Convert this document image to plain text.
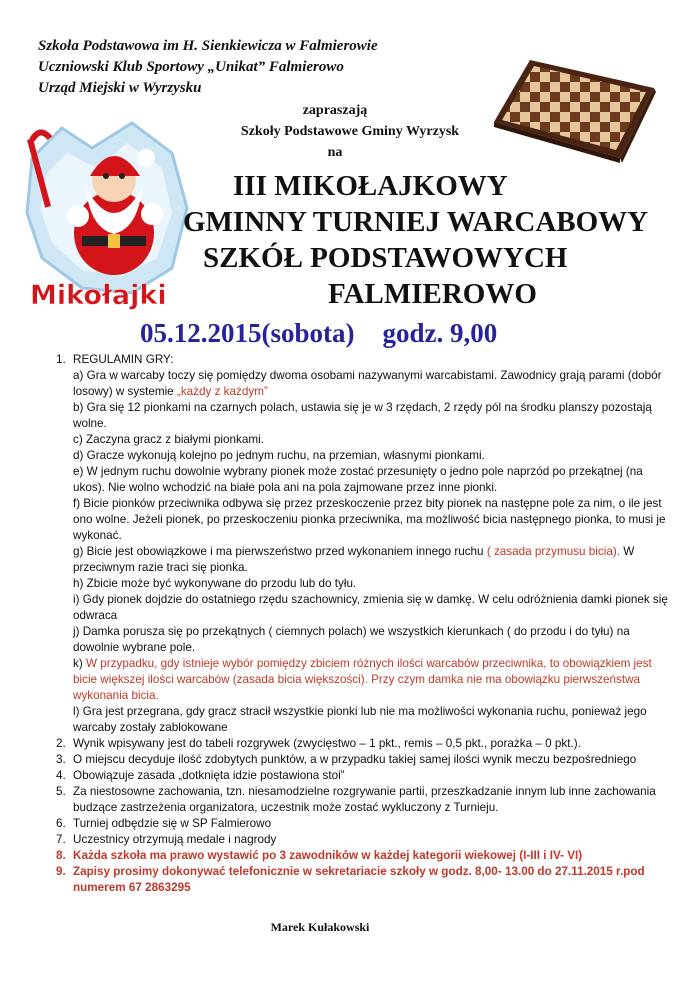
Szkoła Podstawowa im H. Sienkiewicza w Falmierowie
Uczniowski Klub Sportowy „Unikat” Falmierowo
Urząd Miejski w Wyrzysku
Mikołajki
zapraszają
Szkoły Podstawowe Gminy Wyrzysk
na
III MIKOŁAJKOWY
GMINNY TURNIEJ WARCABOWY
SZKÓŁ PODSTAWOWYCH
FALMIEROWO
05.12.2015(sobota) godz. 9,00
1. REGULAMIN GRY:
a) Gra w warcaby toczy się pomiędzy dwoma osobami nazywanymi warcabistami. Zawodnicy grają parami (dobór losowy) w systemie „każdy z każdym”
b) Gra się 12 pionkami na czarnych polach, ustawia się je w 3 rzędach, 2 rzędy pól na środku planszy pozostają wolne.
c) Zaczyna gracz z białymi pionkami.
d) Gracze wykonują kolejno po jednym ruchu, na przemian, własnymi pionkami.
e) W jednym ruchu dowolnie wybrany pionek może zostać przesunięty o jedno pole naprzód po przekątnej (na ukos). Nie wolno wchodzić na białe pola ani na pola zajmowane przez inne pionki.
f) Bicie pionków przeciwnika odbywa się przez przeskoczenie przez bity pionek na następne pole za nim, o ile jest ono wolne. Jeżeli pionek, po przeskoczeniu pionka przeciwnika, ma możliwość bicia następnego pionka, to musi je wykonać.
g) Bicie jest obowiązkowe i ma pierwszeństwo przed wykonaniem innego ruchu ( zasada przymusu bicia). W przeciwnym razie traci się pionka.
h) Zbicie może być wykonywane do przodu lub do tyłu.
i) Gdy pionek dojdzie do ostatniego rzędu szachownicy, zmienia się w damkę. W celu odróżnienia damki pionek się odwraca
j) Damka porusza się po przekątnych ( ciemnych polach) we wszystkich kierunkach ( do przodu i do tyłu) na dowolnie wybrane pole.
k) W przypadku, gdy istnieje wybór pomiędzy zbiciem różnych ilości warcabów przeciwnika, to obowiązkiem jest bicie większej ilości warcabów (zasada bicia większości). Przy czym damka nie ma obowiązku pierwszeństwa wykonania bicia.
l) Gra jest przegrana, gdy gracz stracił wszystkie pionki lub nie ma możliwości wykonania ruchu, ponieważ jego warcaby zostały zablokowane
2. Wynik wpisywany jest do tabeli rozgrywek (zwycięstwo – 1 pkt., remis – 0,5 pkt., porażka – 0 pkt.).
3. O miejscu decyduje ilość zdobytych punktów, a w przypadku takiej samej ilości wynik meczu bezpośredniego
4. Obowiązuje zasada „dotknięta idzie postawiona stoi”
5. Za niestosowne zachowania, tzn. niesamodzielne rozgrywanie partii, przeszkadzanie innym lub inne zachowania budzące zastrzeżenia organizatora, uczestnik może zostać wykluczony z Turnieju.
6. Turniej odbędzie się w SP Falmierowo
7. Uczestnicy otrzymują medale i nagrody
8. Każda szkoła ma prawo wystawić po 3 zawodników w każdej kategorii wiekowej (I-III i IV- VI)
9. Zapisy prosimy dokonywać telefonicznie w sekretariacie szkoły w godz. 8,00- 13.00 do 27.11.2015 r.pod numerem 67 2863295
Marek Kułakowski
